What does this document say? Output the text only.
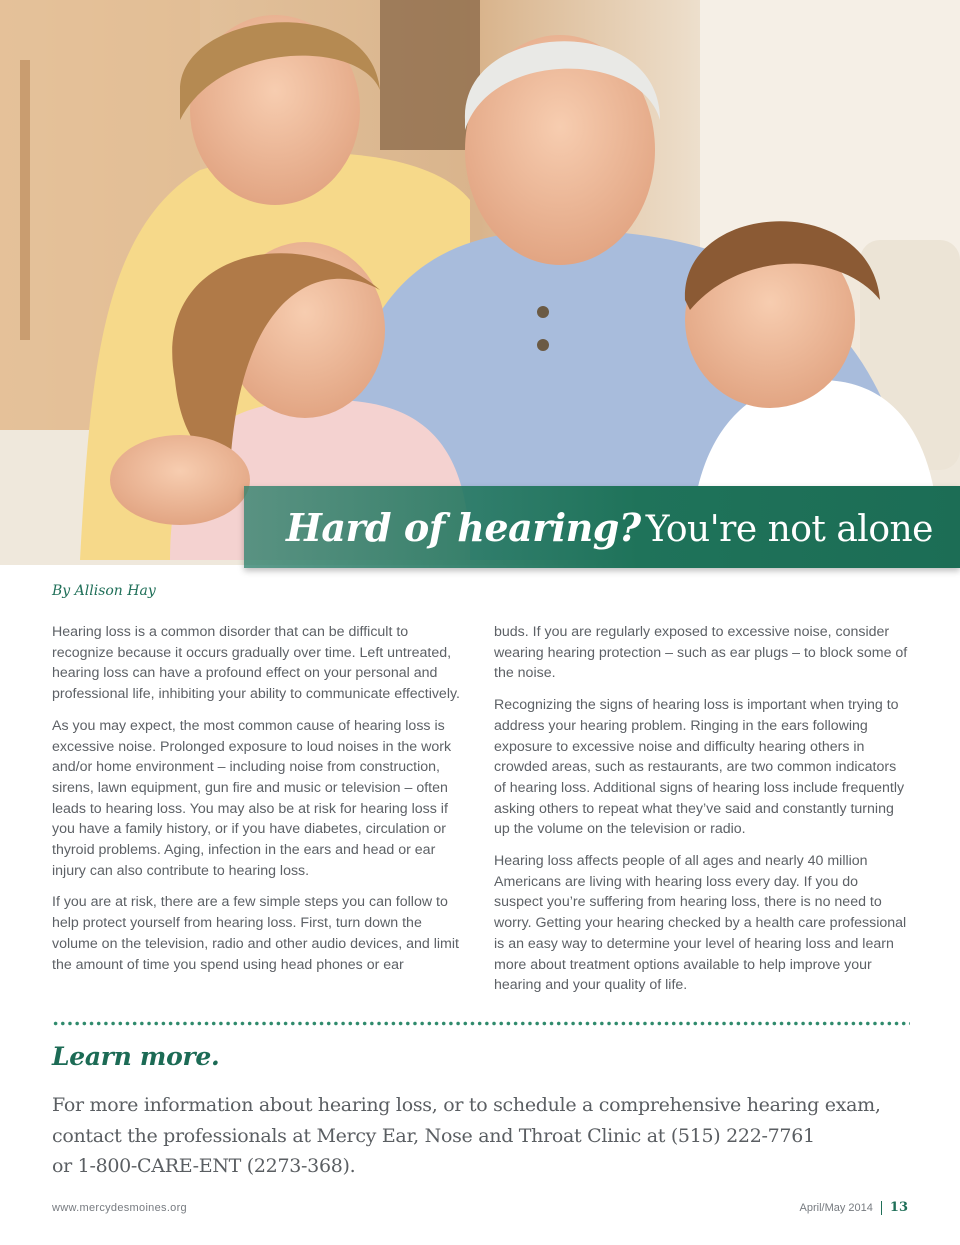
Hard of hearing? You're not alone
By Allison Hay

Hearing loss is a common disorder that can be difficult to recognize because it occurs gradually over time. Left untreated, hearing loss can have a profound effect on your personal and professional life, inhibiting your ability to communicate effectively.

As you may expect, the most common cause of hearing loss is excessive noise. Prolonged exposure to loud noises in the work and/or home environment – including noise from construction, sirens, lawn equipment, gun fire and music or television – often leads to hearing loss. You may also be at risk for hearing loss if you have a family history, or if you have diabetes, circulation or thyroid problems. Aging, infection in the ears and head or ear injury can also contribute to hearing loss.

If you are at risk, there are a few simple steps you can follow to help protect yourself from hearing loss. First, turn down the volume on the television, radio and other audio devices, and limit the amount of time you spend using head phones or ear

buds. If you are regularly exposed to excessive noise, consider wearing hearing protection – such as ear plugs – to block some of the noise.

Recognizing the signs of hearing loss is important when trying to address your hearing problem. Ringing in the ears following exposure to excessive noise and difficulty hearing others in crowded areas, such as restaurants, are two common indicators of hearing loss. Additional signs of hearing loss include frequently asking others to repeat what they’ve said and constantly turning up the volume on the television or radio.

Hearing loss affects people of all ages and nearly 40 million Americans are living with hearing loss every day. If you do suspect you’re suffering from hearing loss, there is no need to worry. Getting your hearing checked by a health care professional is an easy way to determine your level of hearing loss and learn more about treatment options available to help improve your hearing and your quality of life.

Learn more.
For more information about hearing loss, or to schedule a comprehensive hearing exam,
contact the professionals at Mercy Ear, Nose and Throat Clinic at (515) 222-7761
or 1-800-CARE-ENT (2273-368).
www.mercydesmoines.org	April/May 2014 13
